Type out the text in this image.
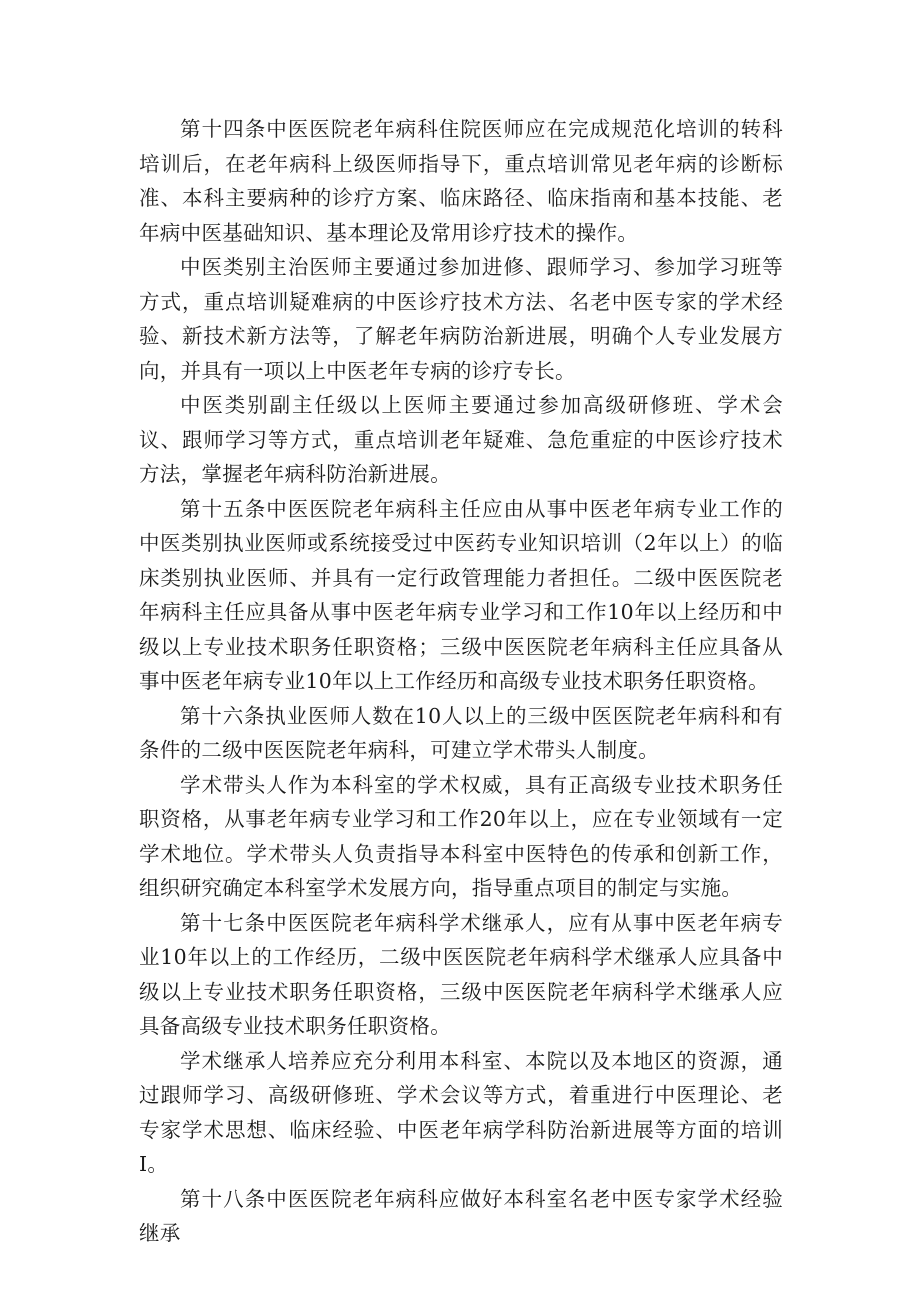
第十四条中医医院老年病科住院医师应在完成规范化培训的转科培训后，在老年病科上级医师指导下，重点培训常见老年病的诊断标准、本科主要病种的诊疗方案、临床路径、临床指南和基本技能、老年病中医基础知识、基本理论及常用诊疗技术的操作。

中医类别主治医师主要通过参加进修、跟师学习、参加学习班等方式，重点培训疑难病的中医诊疗技术方法、名老中医专家的学术经验、新技术新方法等，了解老年病防治新进展，明确个人专业发展方向，并具有一项以上中医老年专病的诊疗专长。

中医类别副主任级以上医师主要通过参加高级研修班、学术会议、跟师学习等方式，重点培训老年疑难、急危重症的中医诊疗技术方法，掌握老年病科防治新进展。

第十五条中医医院老年病科主任应由从事中医老年病专业工作的中医类别执业医师或系统接受过中医药专业知识培训（2年以上）的临床类别执业医师、并具有一定行政管理能力者担任。二级中医医院老年病科主任应具备从事中医老年病专业学习和工作10年以上经历和中级以上专业技术职务任职资格；三级中医医院老年病科主任应具备从事中医老年病专业10年以上工作经历和高级专业技术职务任职资格。

第十六条执业医师人数在10人以上的三级中医医院老年病科和有条件的二级中医医院老年病科，可建立学术带头人制度。

学术带头人作为本科室的学术权威，具有正高级专业技术职务任职资格，从事老年病专业学习和工作20年以上，应在专业领域有一定学术地位。学术带头人负责指导本科室中医特色的传承和创新工作，组织研究确定本科室学术发展方向，指导重点项目的制定与实施。

第十七条中医医院老年病科学术继承人，应有从事中医老年病专业10年以上的工作经历，二级中医医院老年病科学术继承人应具备中级以上专业技术职务任职资格，三级中医医院老年病科学术继承人应具备高级专业技术职务任职资格。

学术继承人培养应充分利用本科室、本院以及本地区的资源，通过跟师学习、高级研修班、学术会议等方式，着重进行中医理论、老专家学术思想、临床经验、中医老年病学科防治新进展等方面的培训I。

第十八条中医医院老年病科应做好本科室名老中医专家学术经验继承
